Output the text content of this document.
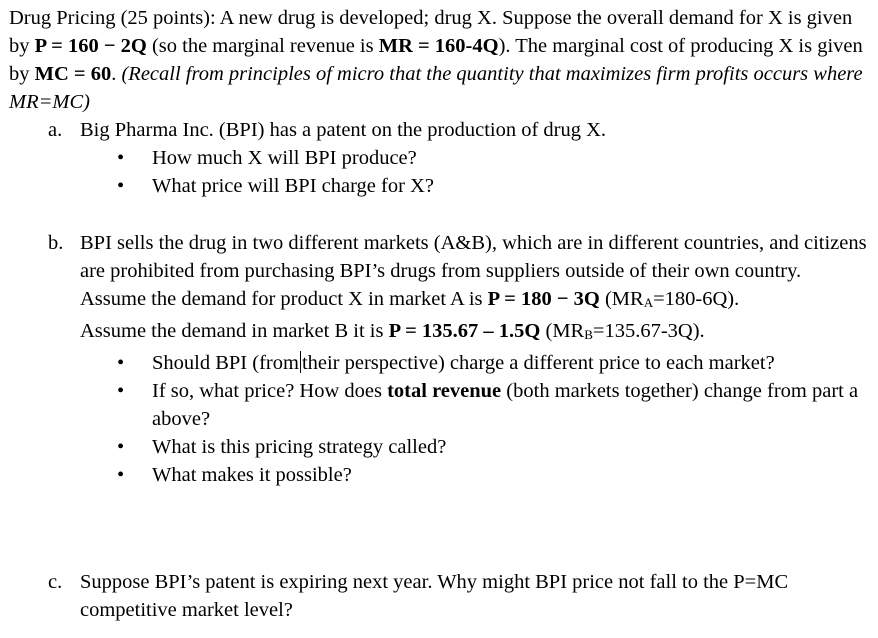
Drug Pricing (25 points): A new drug is developed; drug X. Suppose the overall demand for X is given by P = 160 − 2Q (so the marginal revenue is MR = 160-4Q). The marginal cost of producing X is given by MC = 60. (Recall from principles of micro that the quantity that maximizes firm profits occurs where MR=MC)

a. Big Pharma Inc. (BPI) has a patent on the production of drug X.
• How much X will BPI produce?
• What price will BPI charge for X?
b. BPI sells the drug in two different markets (A&B), which are in different countries, and citizens are prohibited from purchasing BPI’s drugs from suppliers outside of their own country.
Assume the demand for product X in market A is P = 180 − 3Q (MRA=180-6Q).
Assume the demand in market B it is P = 135.67 – 1.5Q (MRB=135.67-3Q).
• Should BPI (from their perspective) charge a different price to each market?
• If so, what price? How does total revenue (both markets together) change from part a above?
• What is this pricing strategy called?
• What makes it possible?
c. Suppose BPI’s patent is expiring next year. Why might BPI price not fall to the P=MC competitive market level?
